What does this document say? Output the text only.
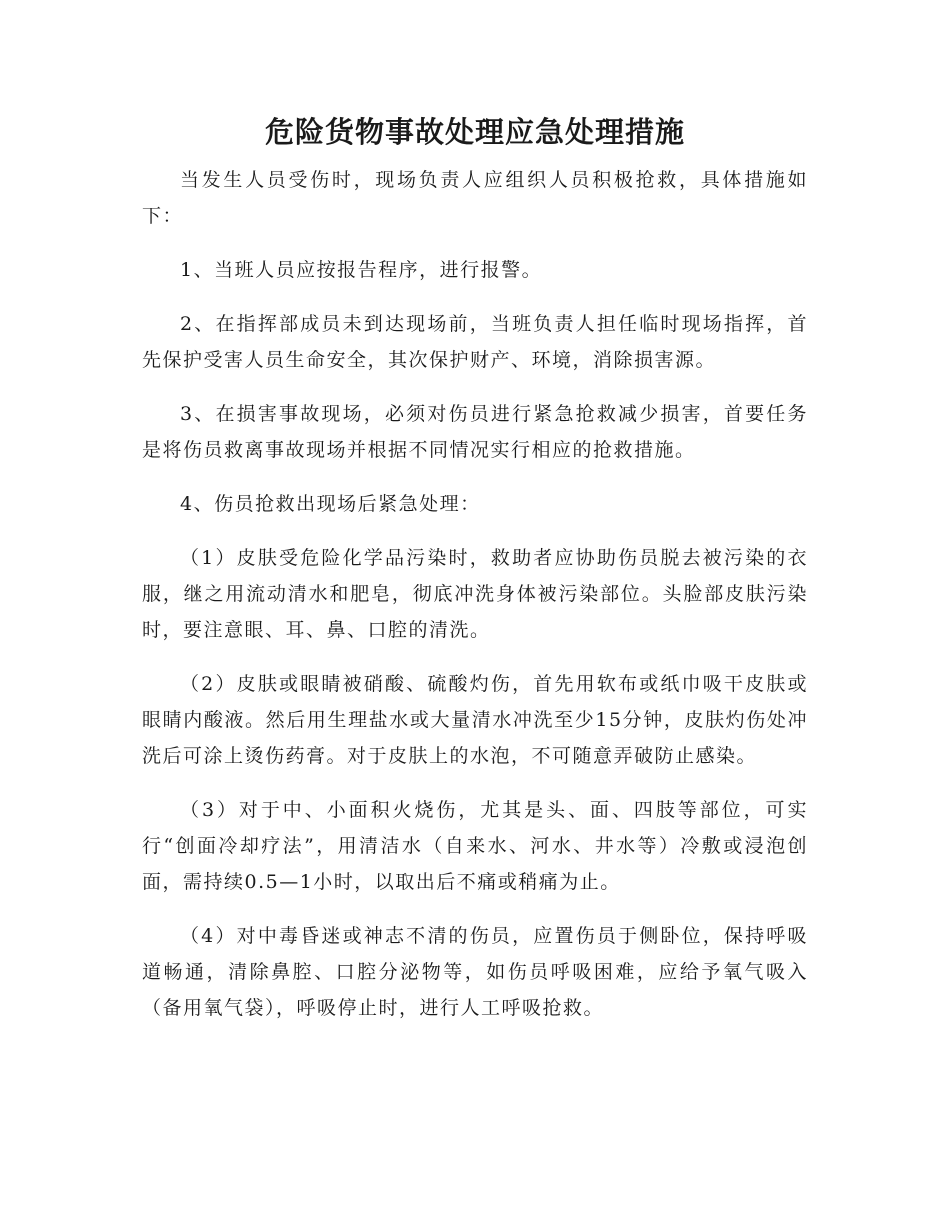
危险货物事故处理应急处理措施

当发生人员受伤时，现场负责人应组织人员积极抢救，具体措施如下：

1、当班人员应按报告程序，进行报警。

2、在指挥部成员未到达现场前，当班负责人担任临时现场指挥，首先保护受害人员生命安全，其次保护财产、环境，消除损害源。

3、在损害事故现场，必须对伤员进行紧急抢救减少损害，首要任务是将伤员救离事故现场并根据不同情况实行相应的抢救措施。

4、伤员抢救出现场后紧急处理：

（1）皮肤受危险化学品污染时，救助者应协助伤员脱去被污染的衣服，继之用流动清水和肥皂，彻底冲洗身体被污染部位。头脸部皮肤污染时，要注意眼、耳、鼻、口腔的清洗。

（2）皮肤或眼睛被硝酸、硫酸灼伤，首先用软布或纸巾吸干皮肤或眼睛内酸液。然后用生理盐水或大量清水冲洗至少15分钟，皮肤灼伤处冲洗后可涂上烫伤药膏。对于皮肤上的水泡，不可随意弄破防止感染。

（3）对于中、小面积火烧伤，尤其是头、面、四肢等部位，可实行“创面冷却疗法”，用清洁水（自来水、河水、井水等）冷敷或浸泡创面，需持续0.5—1小时，以取出后不痛或稍痛为止。

（4）对中毒昏迷或神志不清的伤员，应置伤员于侧卧位，保持呼吸道畅通，清除鼻腔、口腔分泌物等，如伤员呼吸困难，应给予氧气吸入（备用氧气袋），呼吸停止时，进行人工呼吸抢救。
